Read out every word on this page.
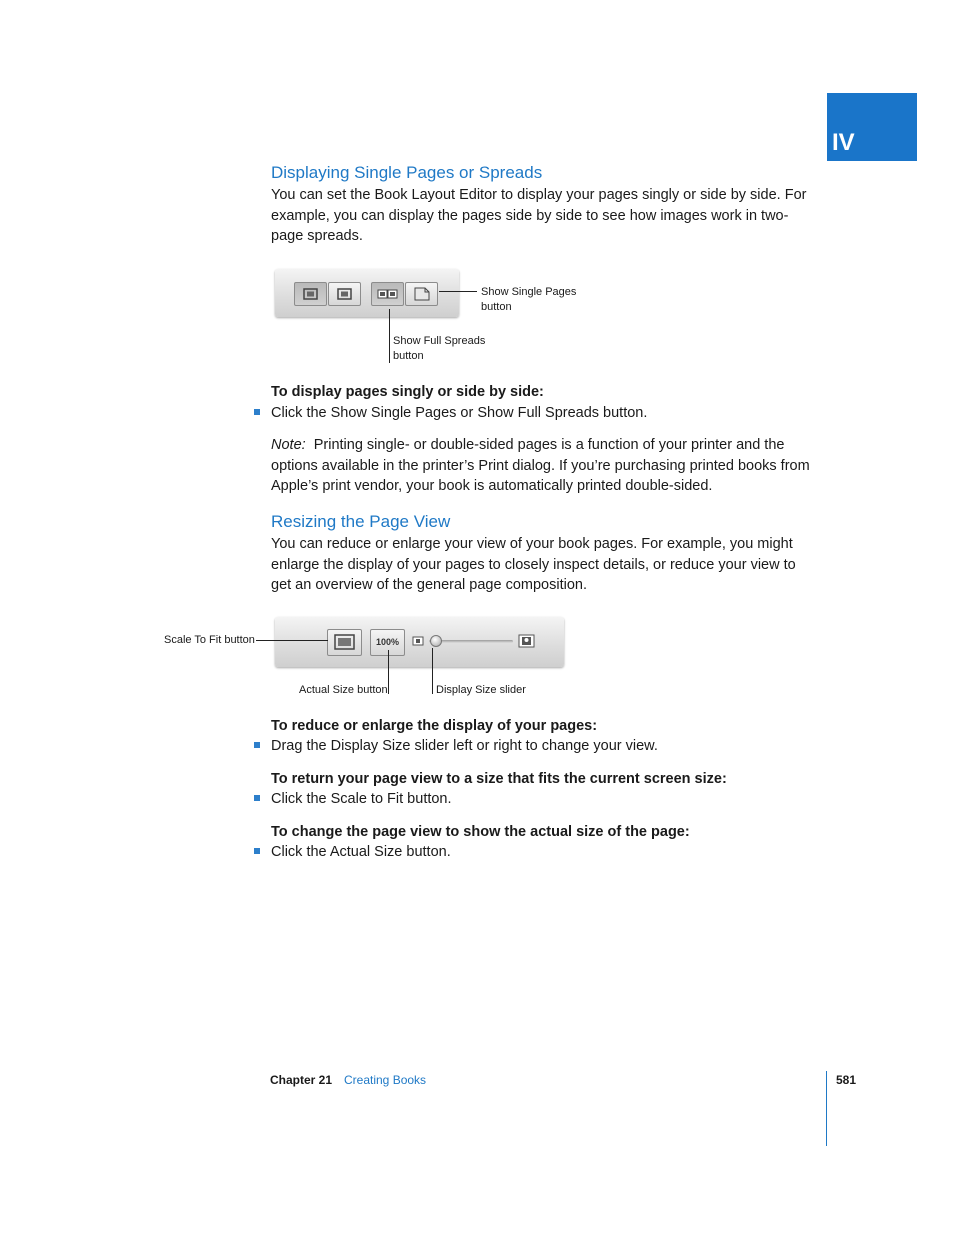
IV
Displaying Single Pages or Spreads

You can set the Book Layout Editor to display your pages singly or side by side. For example, you can display the pages side by side to see how images work in two-page spreads.

Show Single Pages button
Show Full Spreads button

To display pages singly or side by side:

Click the Show Single Pages or Show Full Spreads button.

Note: Printing single- or double-sided pages is a function of your printer and the options available in the printer’s Print dialog. If you’re purchasing printed books from Apple’s print vendor, your book is automatically printed double-sided.

Resizing the Page View

You can reduce or enlarge your view of your book pages. For example, you might enlarge the display of your pages to closely inspect details, or reduce your view to get an overview of the general page composition.

100%
Scale To Fit button
Actual Size button	Display Size slider

To reduce or enlarge the display of your pages:

Drag the Display Size slider left or right to change your view.

To return your page view to a size that fits the current screen size:

Click the Scale to Fit button.

To change the page view to show the actual size of the page:

Click the Actual Size button.

Chapter 21 Creating Books	581
